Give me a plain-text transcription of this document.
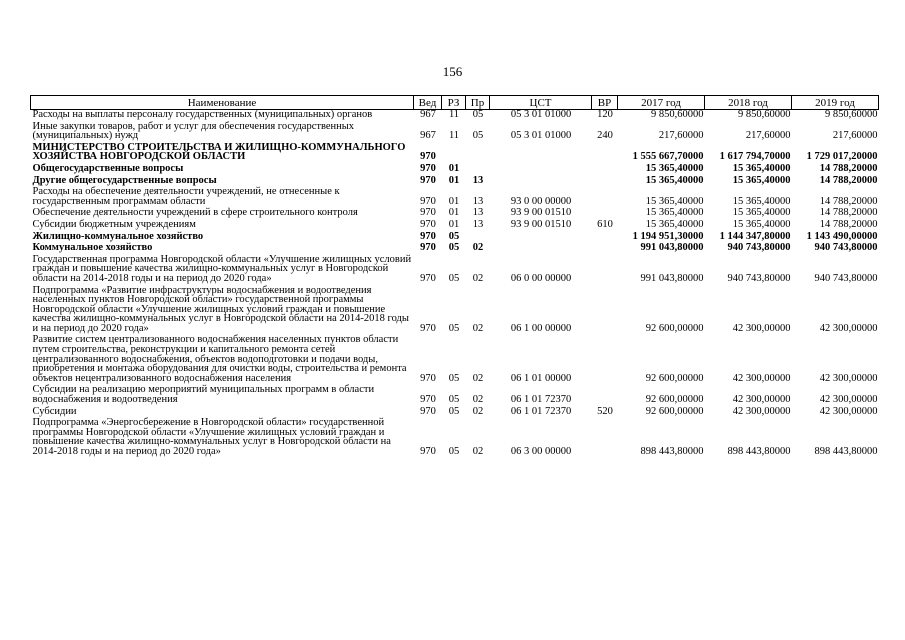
156
Наименование	Вед	РЗ	Пр	ЦСТ	ВР	2017 год	2018 год	2019 год
Расходы на выплаты персоналу государственных (муниципальных) органов	967	11	05	05 3 01 01000	120	9 850,60000	9 850,60000	9 850,60000
Иные закупки товаров, работ и услуг для обеспечения государственных (муниципальных) нужд	967	11	05	05 3 01 01000	240	217,60000	217,60000	217,60000
МИНИСТЕРСТВО СТРОИТЕЛЬСТВА И ЖИЛИЩНО-КОММУНАЛЬНОГО ХОЗЯЙСТВА НОВГОРОДСКОЙ ОБЛАСТИ	970					1 555 667,70000	1 617 794,70000	1 729 017,20000
Общегосударственные вопросы	970	01				15 365,40000	15 365,40000	14 788,20000
Другие общегосударственные вопросы	970	01	13			15 365,40000	15 365,40000	14 788,20000
Расходы на обеспечение деятельности учреждений, не отнесенные к государственным программам области	970	01	13	93 0 00 00000		15 365,40000	15 365,40000	14 788,20000
Обеспечение деятельности учреждений в сфере строительного контроля	970	01	13	93 9 00 01510		15 365,40000	15 365,40000	14 788,20000
Субсидии бюджетным учреждениям	970	01	13	93 9 00 01510	610	15 365,40000	15 365,40000	14 788,20000
Жилищно-коммунальное хозяйство	970	05				1 194 951,30000	1 144 347,80000	1 143 490,00000
Коммунальное хозяйство	970	05	02			991 043,80000	940 743,80000	940 743,80000
Государственная программа Новгородской области «Улучшение жилищных условий граждан и повышение качества жилищно-коммунальных услуг в Новгородской области на 2014-2018 годы и на период до 2020 года»	970	05	02	06 0 00 00000		991 043,80000	940 743,80000	940 743,80000
Подпрограмма «Развитие инфраструктуры водоснабжения и водоотведения населенных пунктов Новгородской области» государственной программы Новгородской области «Улучшение жилищных условий граждан и повышение качества жилищно-коммунальных услуг в Новгородской области на 2014-2018 годы и на период до 2020 года»	970	05	02	06 1 00 00000		92 600,00000	42 300,00000	42 300,00000
Развитие систем централизованного водоснабжения населенных пунктов области путем строительства, реконструкции и капитального ремонта сетей централизованного водоснабжения, объектов водоподготовки и подачи воды, приобретения и монтажа оборудования для очистки воды, строительства и ремонта объектов нецентрализованного водоснабжения населения	970	05	02	06 1 01 00000		92 600,00000	42 300,00000	42 300,00000
Субсидии на реализацию мероприятий муниципальных программ в области водоснабжения и водоотведения	970	05	02	06 1 01 72370		92 600,00000	42 300,00000	42 300,00000
Субсидии	970	05	02	06 1 01 72370	520	92 600,00000	42 300,00000	42 300,00000
Подпрограмма «Энергосбережение в Новгородской области» государственной программы Новгородской области «Улучшение жилищных условий граждан и повышение качества жилищно-коммунальных услуг в Новгородской области на 2014-2018 годы и на период до 2020 года»	970	05	02	06 3 00 00000		898 443,80000	898 443,80000	898 443,80000
